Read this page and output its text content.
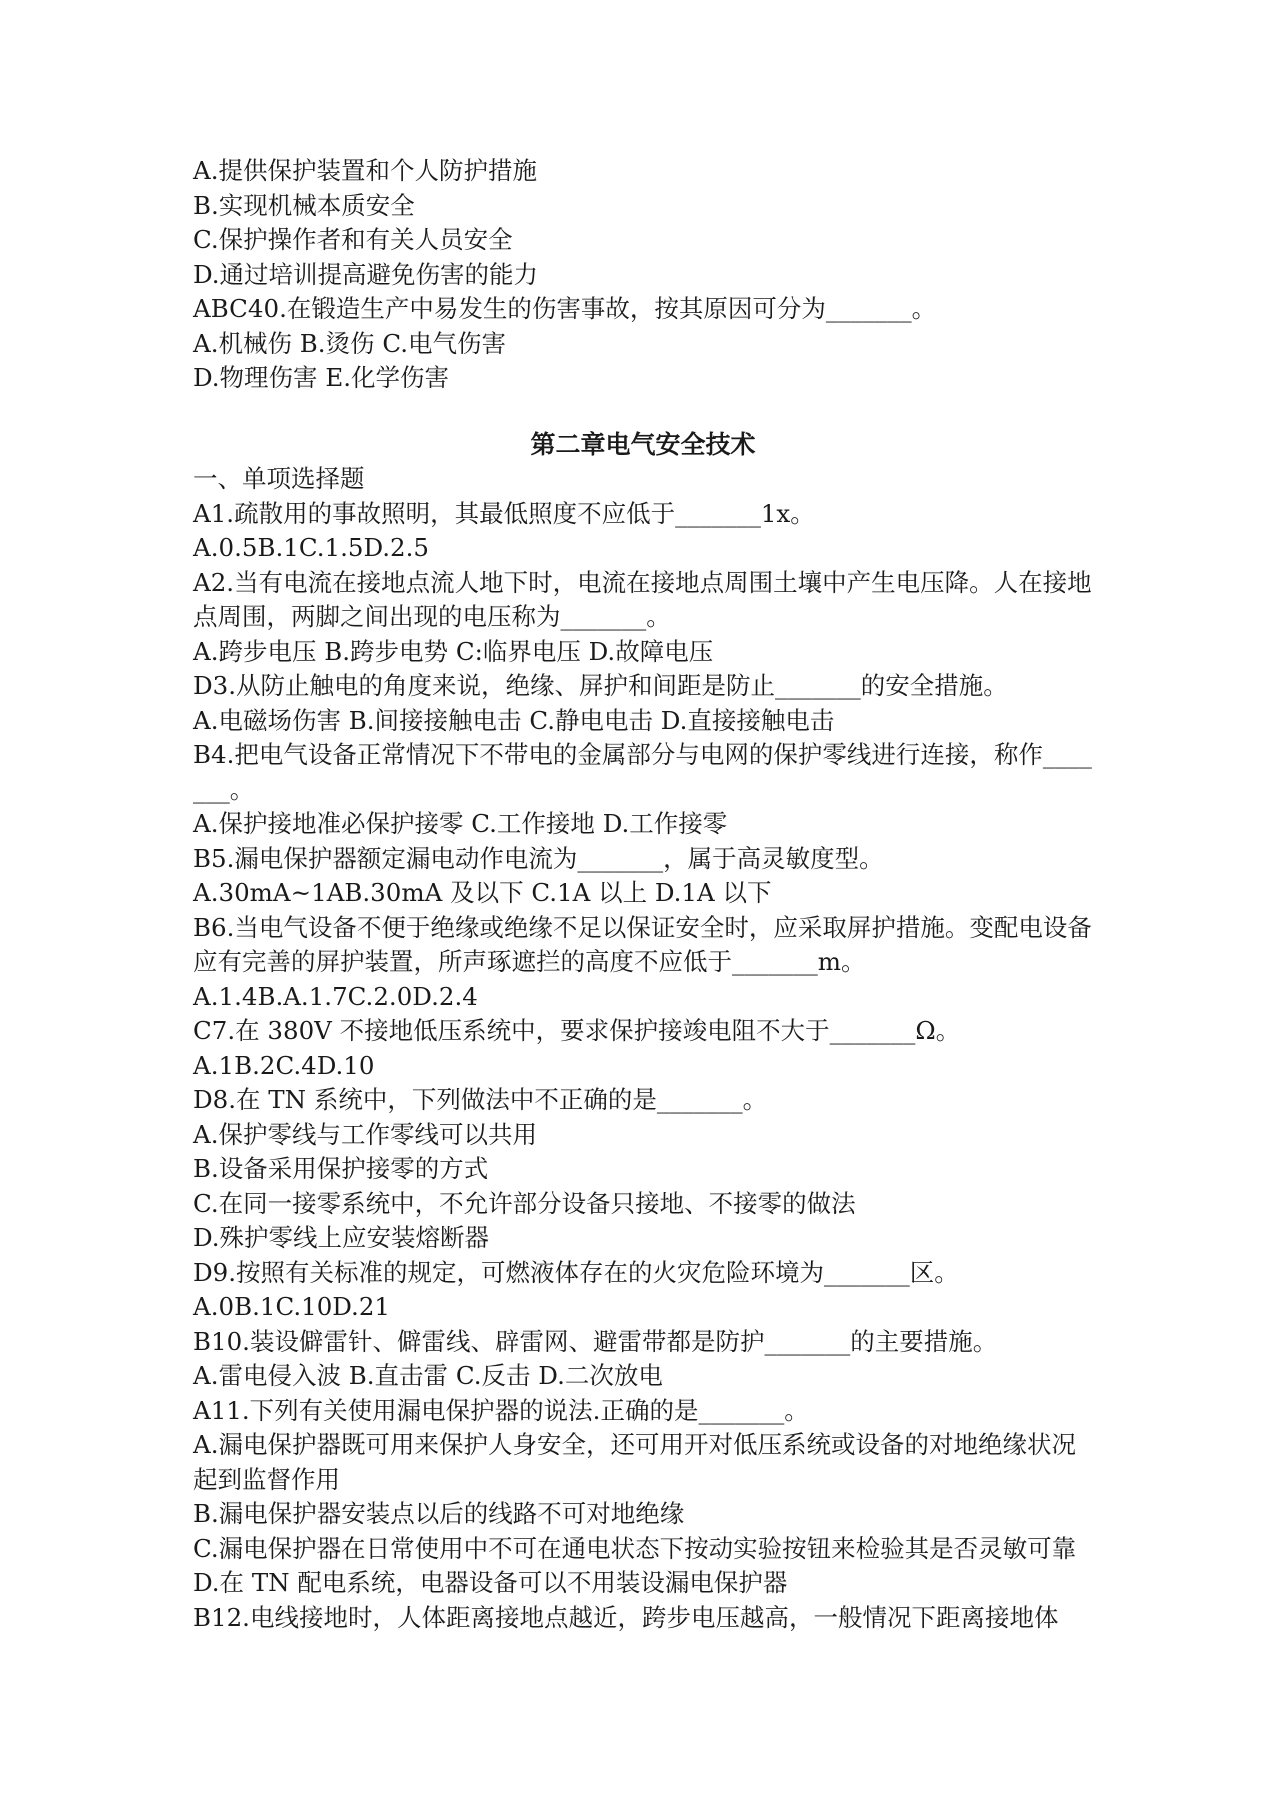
A.提供保护装置和个人防护措施

B.实现机械本质安全

C.保护操作者和有关人员安全

D.通过培训提高避免伤害的能力

ABC40.在锻造生产中易发生的伤害事故，按其原因可分为_______。

A.机械伤 B.烫伤 C.电气伤害

D.物理伤害 E.化学伤害

第二章电气安全技术

一、单项选择题

A1.疏散用的事故照明，其最低照度不应低于_______1x。

A.0.5B.1C.1.5D.2.5

A2.当有电流在接地点流人地下时，电流在接地点周围土壤中产生电压降。人在接地点周围，两脚之间出现的电压称为_______。

A.跨步电压 B.跨步电势 C:临界电压 D.故障电压

D3.从防止触电的角度来说，绝缘、屏护和间距是防止_______的安全措施。

A.电磁场伤害 B.间接接触电击 C.静电电击 D.直接接触电击

B4.把电气设备正常情况下不带电的金属部分与电网的保护零线进行连接，称作_______。

A.保护接地准必保护接零 C.工作接地 D.工作接零

B5.漏电保护器额定漏电动作电流为_______，属于高灵敏度型。

A.30mA~1AB.30mA 及以下 C.1A 以上 D.1A 以下

B6.当电气设备不便于绝缘或绝缘不足以保证安全时，应采取屏护措施。变配电设备应有完善的屏护装置，所声琢遮拦的高度不应低于_______m。

A.1.4B.A.1.7C.2.0D.2.4

C7.在 380V 不接地低压系统中，要求保护接竣电阻不大于_______Ω。

A.1B.2C.4D.10

D8.在 TN 系统中，下列做法中不正确的是_______。

A.保护零线与工作零线可以共用

B.设备采用保护接零的方式

C.在同一接零系统中，不允许部分设备只接地、不接零的做法

D.殊护零线上应安装熔断器

D9.按照有关标准的规定，可燃液体存在的火灾危险环境为_______区。

A.0B.1C.10D.21

B10.装设僻雷针、僻雷线、辟雷网、避雷带都是防护_______的主要措施。

A.雷电侵入波 B.直击雷 C.反击 D.二次放电

A11.下列有关使用漏电保护器的说法.正确的是_______。

A.漏电保护器既可用来保护人身安全，还可用开对低压系统或设备的对地绝缘状况起到监督作用

B.漏电保护器安装点以后的线路不可对地绝缘

C.漏电保护器在日常使用中不可在通电状态下按动实验按钮来检验其是否灵敏可靠

D.在 TN 配电系统，电器设备可以不用装设漏电保护器

B12.电线接地时，人体距离接地点越近，跨步电压越高，一般情况下距离接地体
